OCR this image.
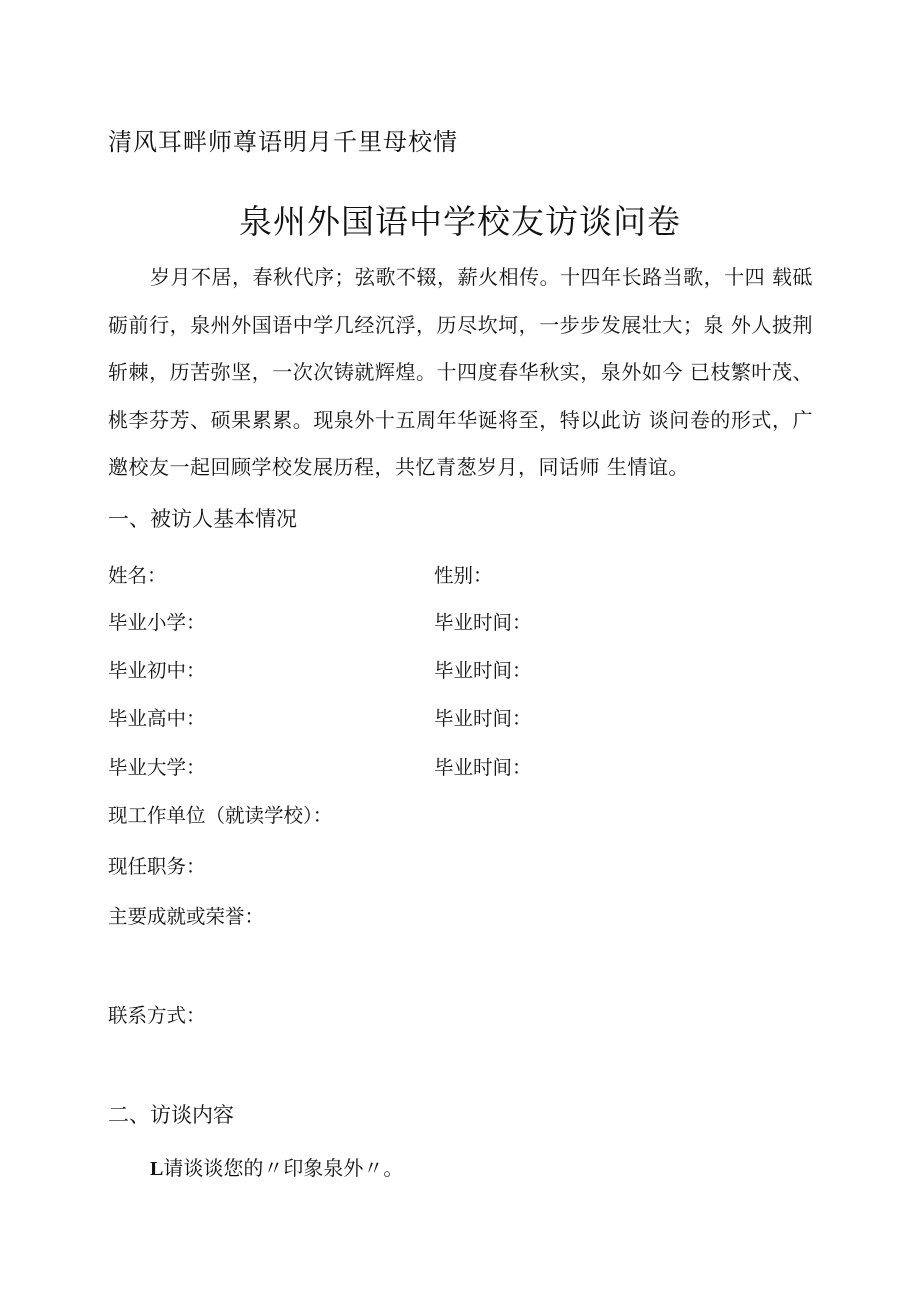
清风耳畔师尊语明月千里母校情
泉州外国语中学校友访谈问卷
岁月不居，春秋代序；弦歌不辍，薪火相传。十四年长路当歌，十四 载砥砺前行，泉州外国语中学几经沉浮，历尽坎坷，一步步发展壮大；泉 外人披荆斩棘，历苦弥坚，一次次铸就辉煌。十四度春华秋实，泉外如今 已枝繁叶茂、桃李芬芳、硕果累累。现泉外十五周年华诞将至，特以此访 谈问卷的形式，广邀校友一起回顾学校发展历程，共忆青葱岁月，同话师 生情谊。
一、被访人基本情况
姓名：	性别：
毕业小学：	毕业时间：
毕业初中：	毕业时间：
毕业高中：	毕业时间：
毕业大学：	毕业时间：
现工作单位（就读学校）：
现任职务：
主要成就或荣誉：
联系方式：
二、访谈内容
L请谈谈您的〃印象泉外〃。
